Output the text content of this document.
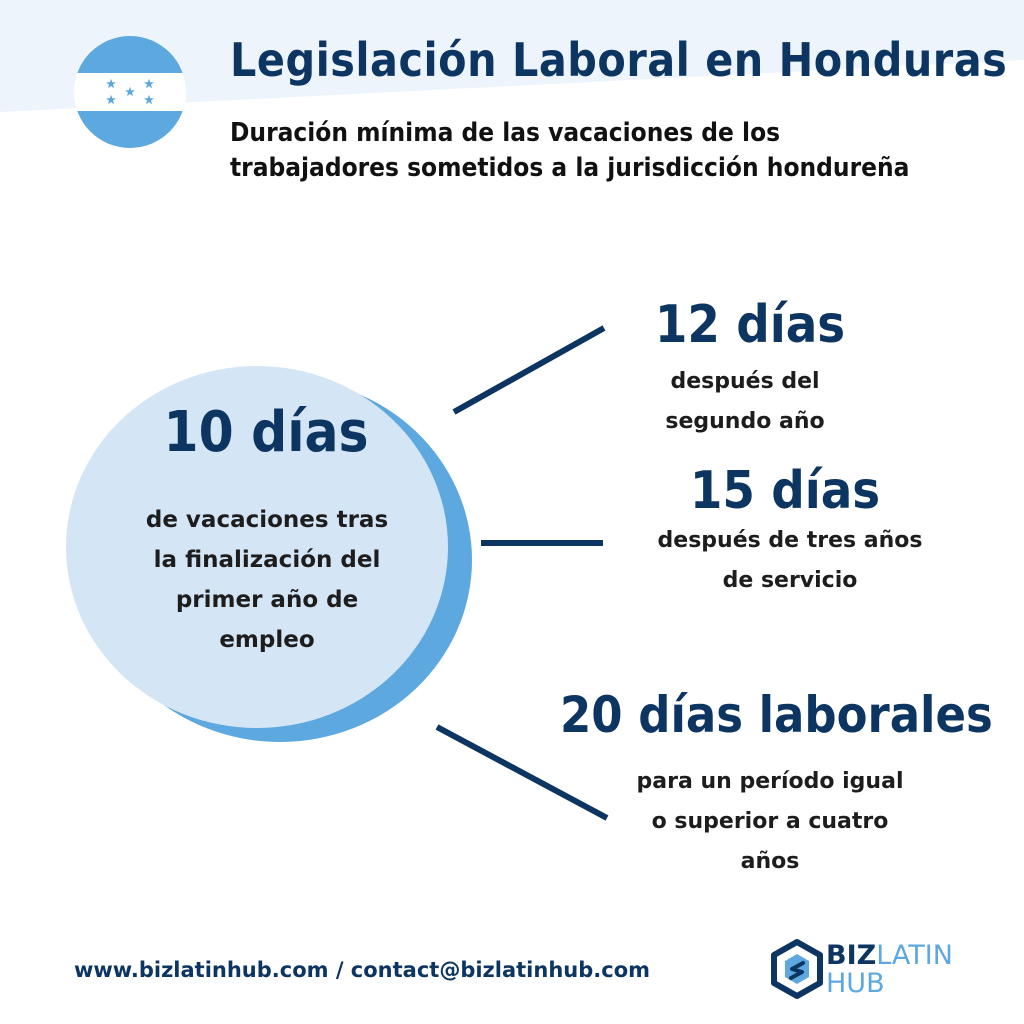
Legislación Laboral en Honduras
Duración mínima de las vacaciones de los
trabajadores sometidos a la jurisdicción hondureña
10 días
de vacaciones tras
la finalización del
primer año de
empleo
12 días
después del
segundo año
15 días
después de tres años
de servicio
20 días laborales
para un período igual
o superior a cuatro
años
www.bizlatinhub.com / contact@bizlatinhub.com	BIZLATIN
HUB
